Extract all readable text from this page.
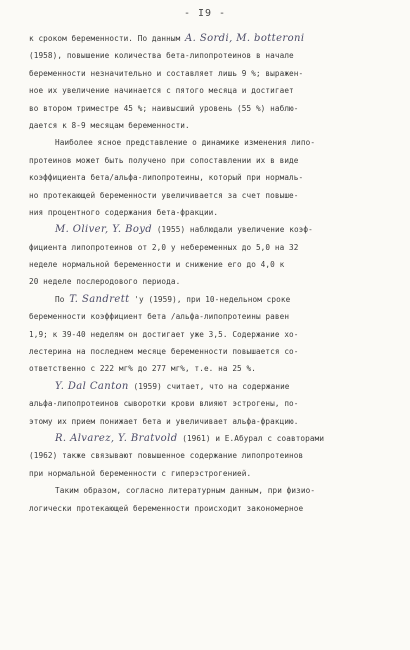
- I9 -
к сроком беременности. По данным A. Sordi, M. botteroni
(1958), повышение количества бета-липопротеинов в начале
беременности незначительно и составляет лишь 9 %; выражен-
ное их увеличение начинается с пятого месяца и достигает
во втором триместре 45 %; наивысший уровень (55 %) наблю-
дается к 8-9 месяцам беременности.
Наиболее ясное представление о динамике изменения липо-
протеинов может быть получено при сопоставлении их в виде
коэффициента бета/альфа-липопротеины, который при нормаль-
но протекающей беременности увеличивается за счет повыше-
ния процентного содержания бета-фракции.
M. Oliver, Y. Boyd (1955) наблюдали увеличение коэф-
фициента липопротеинов от 2,0 у небеременных до 5,0 на 32
неделе нормальной беременности и снижение его до 4,0 к
20 неделе послеродового периода.
По T. Sandrett 'у (1959), при 10-недельном сроке
беременности коэффициент бета /альфа-липопротеины равен
1,9; к 39-40 неделям он достигает уже 3,5. Содержание хо-
лестерина на последнем месяце беременности повышается со-
ответственно с 222 мг% до 277 мг%, т.е. на 25 %.
Y. Dal Canton (1959) считает, что на содержание
альфа-липопротеинов сыворотки крови влияют эстрогены, по-
этому их прием понижает бета и увеличивает альфа-фракцию.
R. Alvarez, Y. Bratvold (1961) и Е.Абурал с соавторами
(1962) также связывают повышенное содержание липопротеинов
при нормальной беременности с гиперэстрогенией.
Таким образом, согласно литературным данным, при физио-
логически протекающей беременности происходит закономерное
